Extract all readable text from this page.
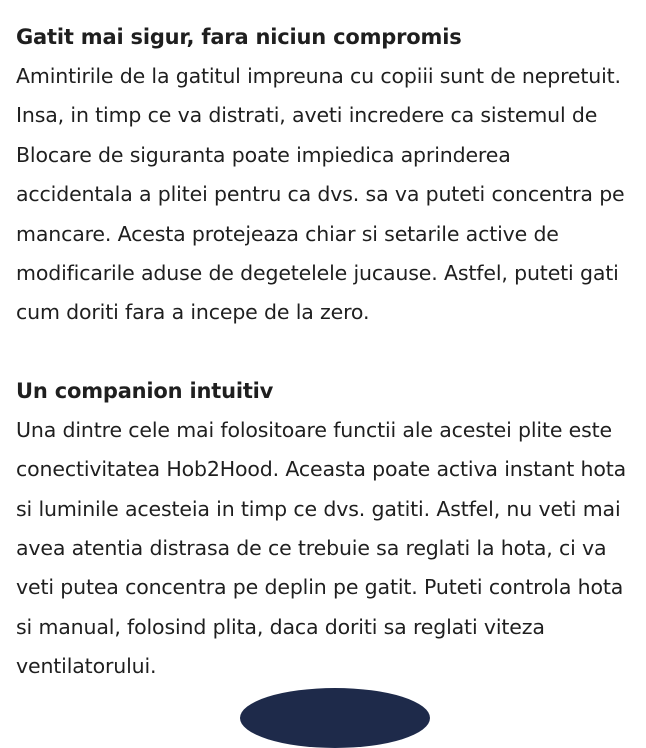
Gatit mai sigur, fara niciun compromis

Amintirile de la gatitul impreuna cu copiii sunt de nepretuit.
Insa, in timp ce va distrati, aveti incredere ca sistemul de
Blocare de siguranta poate impiedica aprinderea
accidentala a plitei pentru ca dvs. sa va puteti concentra pe
mancare. Acesta protejeaza chiar si setarile active de
modificarile aduse de degetelele jucause. Astfel, puteti gati
cum doriti fara a incepe de la zero.

Un companion intuitiv

Una dintre cele mai folositoare functii ale acestei plite este
conectivitatea Hob2Hood. Aceasta poate activa instant hota
si luminile acesteia in timp ce dvs. gatiti. Astfel, nu veti mai
avea atentia distrasa de ce trebuie sa reglati la hota, ci va
veti putea concentra pe deplin pe gatit. Puteti controla hota
si manual, folosind plita, daca doriti sa reglati viteza
ventilatorului.
